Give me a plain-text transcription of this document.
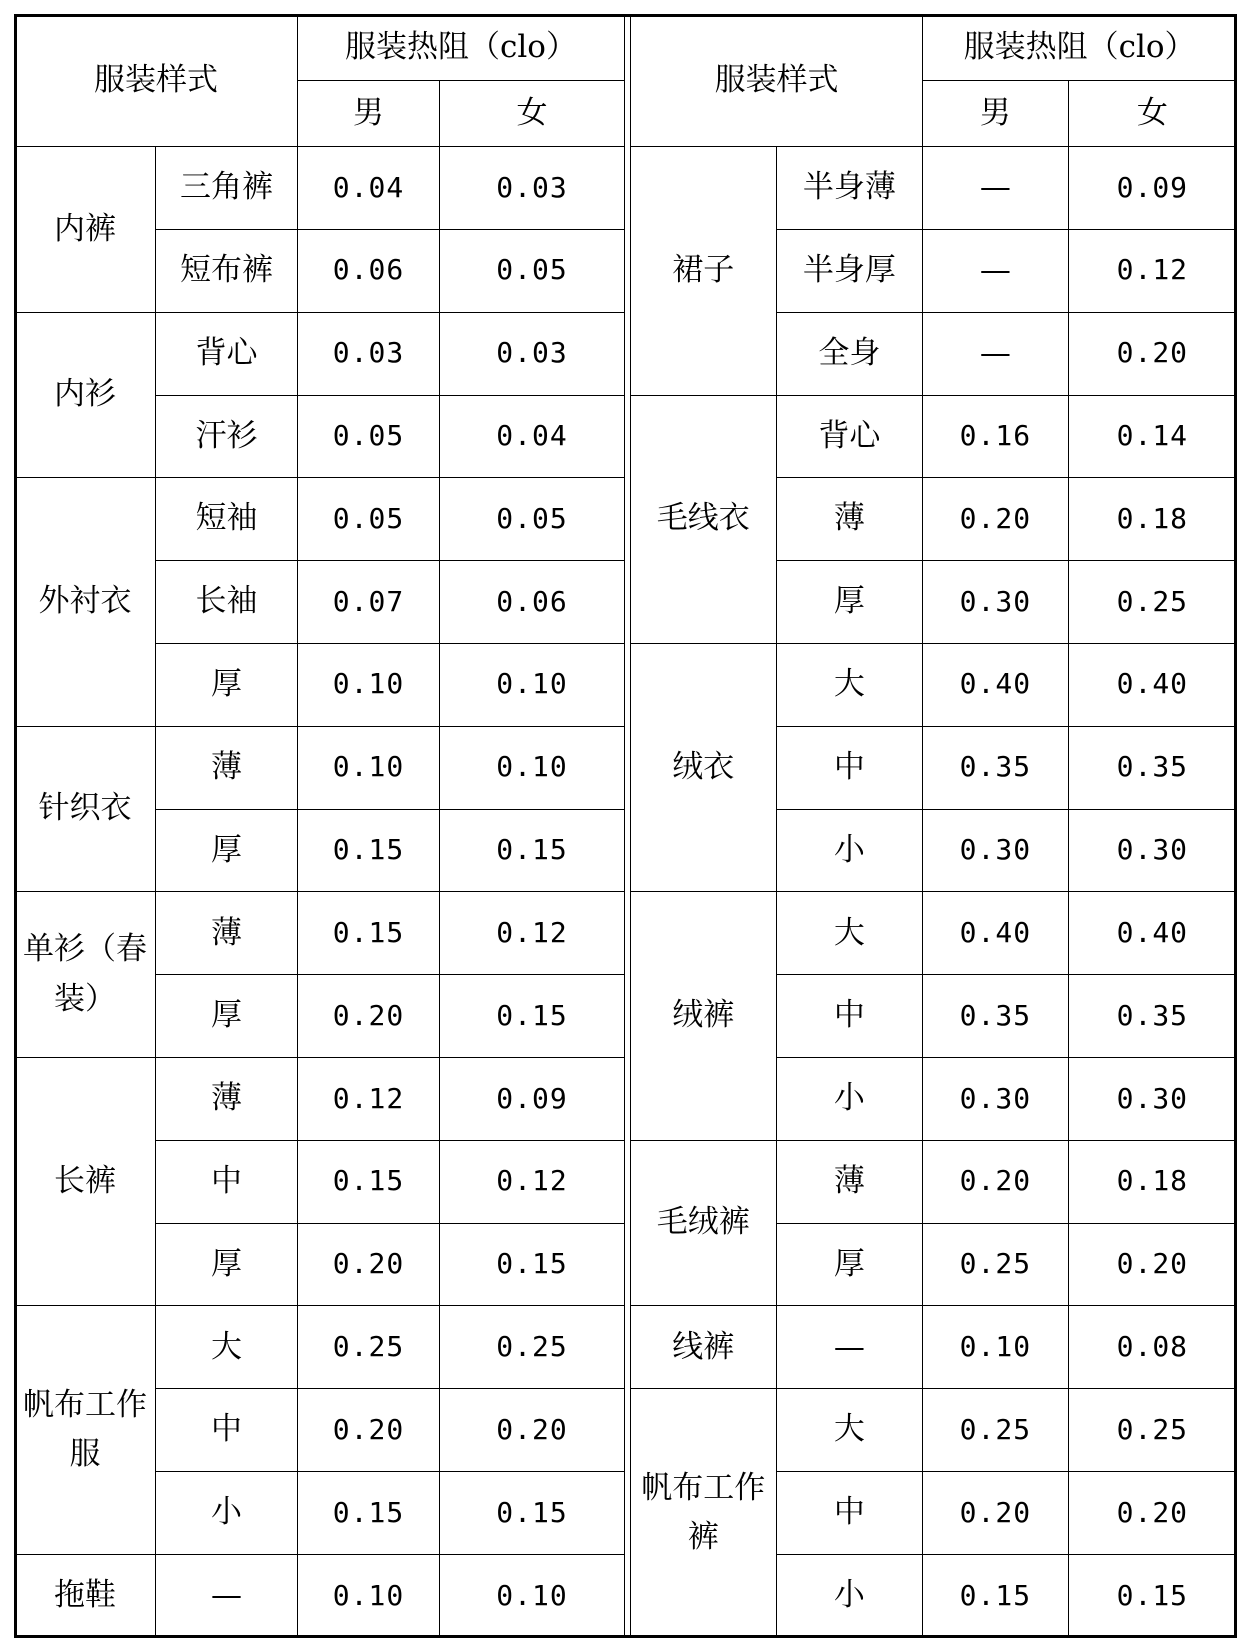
服装样式		服装热阻（clo）	
		男	女
内裤	三角裤	0.04	0.03
	短布裤	0.06	0.05
内衫	背心	0.03	0.03
	汗衫	0.05	0.04
外衬衣	短袖	0.05	0.05
	长袖	0.07	0.06
	厚	0.10	0.10
针织衣	薄	0.10	0.10
	厚	0.15	0.15
单衫（春装）	薄	0.15	0.12
	厚	0.20	0.15
长裤	薄	0.12	0.09
	中	0.15	0.12
	厚	0.20	0.15
帆布工作服	大	0.25	0.25
	中	0.20	0.20
	小	0.15	0.15
拖鞋	—	0.10	0.10
服装样式		服装热阻（clo）	
		男	女
裙子	半身薄	—	0.09
	半身厚	—	0.12
	全身	—	0.20
毛线衣	背心	0.16	0.14
	薄	0.20	0.18
	厚	0.30	0.25
绒衣	大	0.40	0.40
	中	0.35	0.35
	小	0.30	0.30
绒裤	大	0.40	0.40
	中	0.35	0.35
	小	0.30	0.30
毛绒裤	薄	0.20	0.18
	厚	0.25	0.20
线裤	—	0.10	0.08
帆布工作裤	大	0.25	0.25
	中	0.20	0.20
	小	0.15	0.15
